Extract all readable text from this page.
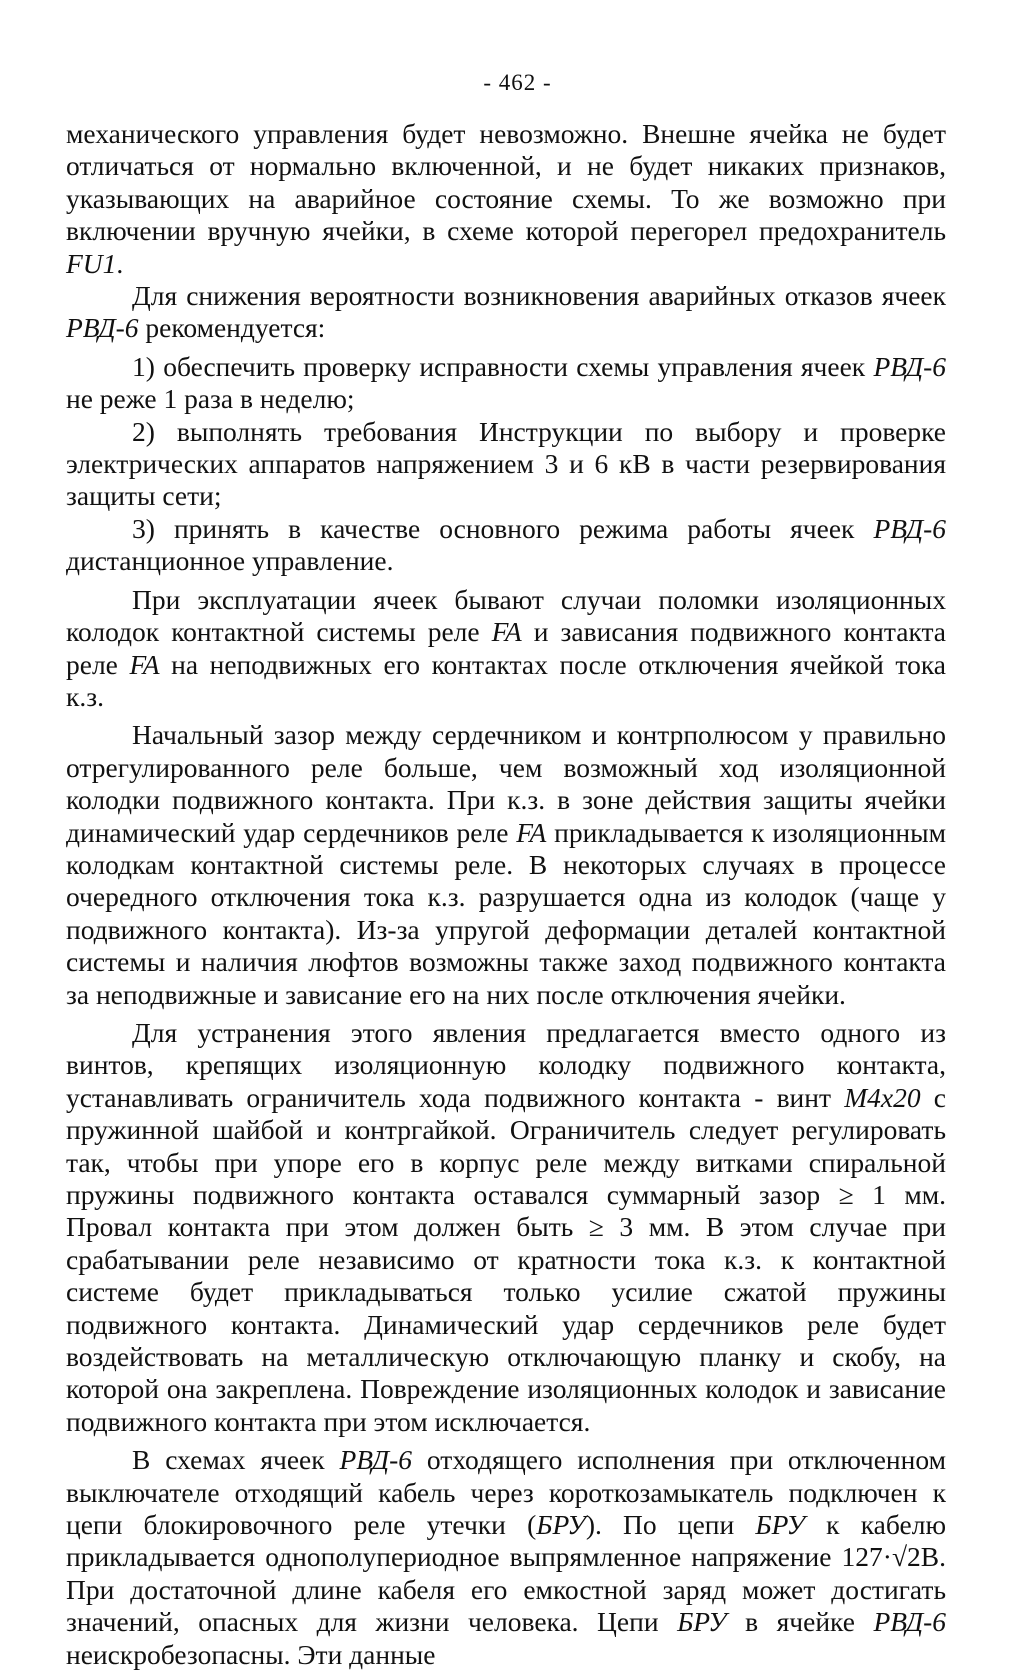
- 462 -

механического управления будет невозможно. Внешне ячейка не будет отличаться от нормально включенной, и не будет никаких признаков, указывающих на аварийное состояние схемы. То же возможно при включении вручную ячейки, в схеме которой перегорел предохранитель FU1.

Для снижения вероятности возникновения аварийных отказов ячеек РВД-6 рекомендуется:

1) обеспечить проверку исправности схемы управления ячеек РВД-6 не реже 1 раза в неделю;

2) выполнять требования Инструкции по выбору и проверке электрических аппаратов напряжением 3 и 6 кВ в части резервирования защиты сети;

3) принять в качестве основного режима работы ячеек РВД-6 дистанционное управление.

При эксплуатации ячеек бывают случаи поломки изоляционных колодок контактной системы реле FA и зависания подвижного контакта реле FA на неподвижных его контактах после отключения ячейкой тока к.з.

Начальный зазор между сердечником и контрполюсом у правильно отрегулированного реле больше, чем возможный ход изоляционной колодки подвижного контакта. При к.з. в зоне действия защиты ячейки динамический удар сердечников реле FA прикладывается к изоляционным колодкам контактной системы реле. В некоторых случаях в процессе очередного отключения тока к.з. разрушается одна из колодок (чаще у подвижного контакта). Из-за упругой деформации деталей контактной системы и наличия люфтов возможны также заход подвижного контакта за неподвижные и зависание его на них после отключения ячейки.

Для устранения этого явления предлагается вместо одного из винтов, крепящих изоляционную колодку подвижного контакта, устанавливать ограничитель хода подвижного контакта - винт M4x20 с пружинной шайбой и контргайкой. Ограничитель следует регулировать так, чтобы при упоре его в корпус реле между витками спиральной пружины подвижного контакта оставался суммарный зазор ≥ 1 мм. Провал контакта при этом должен быть ≥ 3 мм. В этом случае при срабатывании реле независимо от кратности тока к.з. к контактной системе будет прикладываться только усилие сжатой пружины подвижного контакта. Динамический удар сердечников реле будет воздействовать на металлическую отключающую планку и скобу, на которой она закреплена. Повреждение изоляционных колодок и зависание подвижного контакта при этом исключается.

В схемах ячеек РВД-6 отходящего исполнения при отключенном выключателе отходящий кабель через короткозамыкатель подключен к цепи блокировочного реле утечки (БРУ). По цепи БРУ к кабелю прикладывается однополупериодное выпрямленное напряжение 127·√2В. При достаточной длине кабеля его емкостной заряд может достигать значений, опасных для жизни человека. Цепи БРУ в ячейке РВД-6 неискробезопасны. Эти данные
